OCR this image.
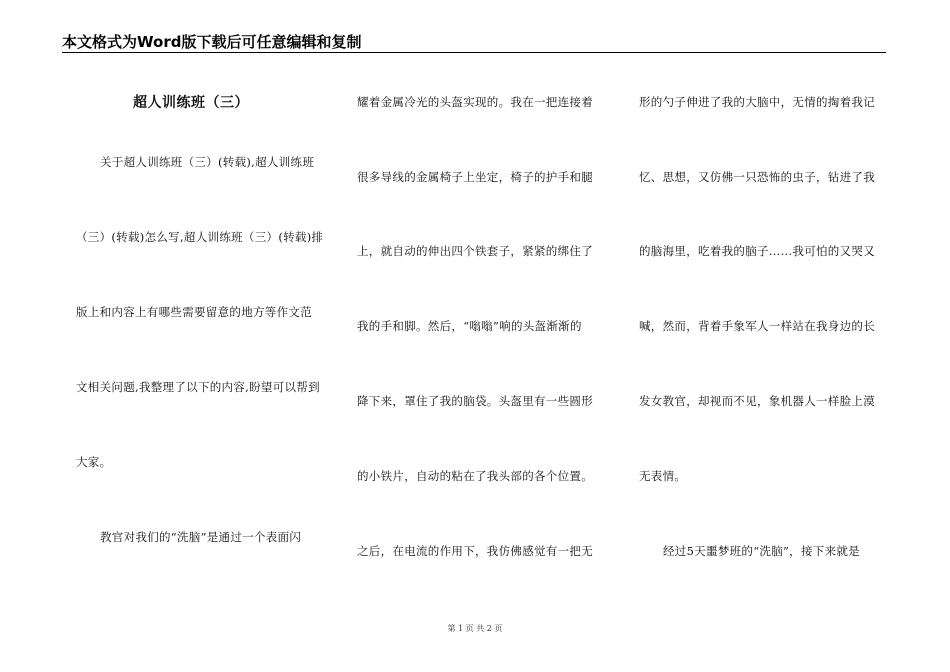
本文格式为Word版下载后可任意编辑和复制
超人训练班（三）
关于超人训练班（三）(转载),超人训练班
（三）(转载)怎么写,超人训练班（三）(转载)排
版上和内容上有哪些需要留意的地方等作文范
文相关问题,我整理了以下的内容,盼望可以帮到
大家。
教官对我们的“洗脑”是通过一个表面闪
耀着金属冷光的头盔实现的。我在一把连接着
很多导线的金属椅子上坐定，椅子的护手和腿
上，就自动的伸出四个铁套子，紧紧的绑住了
我的手和脚。然后，“嗡嗡”响的头盔渐渐的
降下来，罩住了我的脑袋。头盔里有一些圆形
的小铁片，自动的粘在了我头部的各个位置。
之后，在电流的作用下，我仿佛感觉有一把无
形的勺子伸进了我的大脑中，无情的掏着我记
忆、思想，又仿佛一只恐怖的虫子，钻进了我
的脑海里，吃着我的脑子……我可怕的又哭又
喊，然而，背着手象军人一样站在我身边的长
发女教官，却视而不见，象机器人一样脸上漠
无表情。
经过5天噩梦班的“洗脑”，接下来就是
第 1 页 共 2 页
